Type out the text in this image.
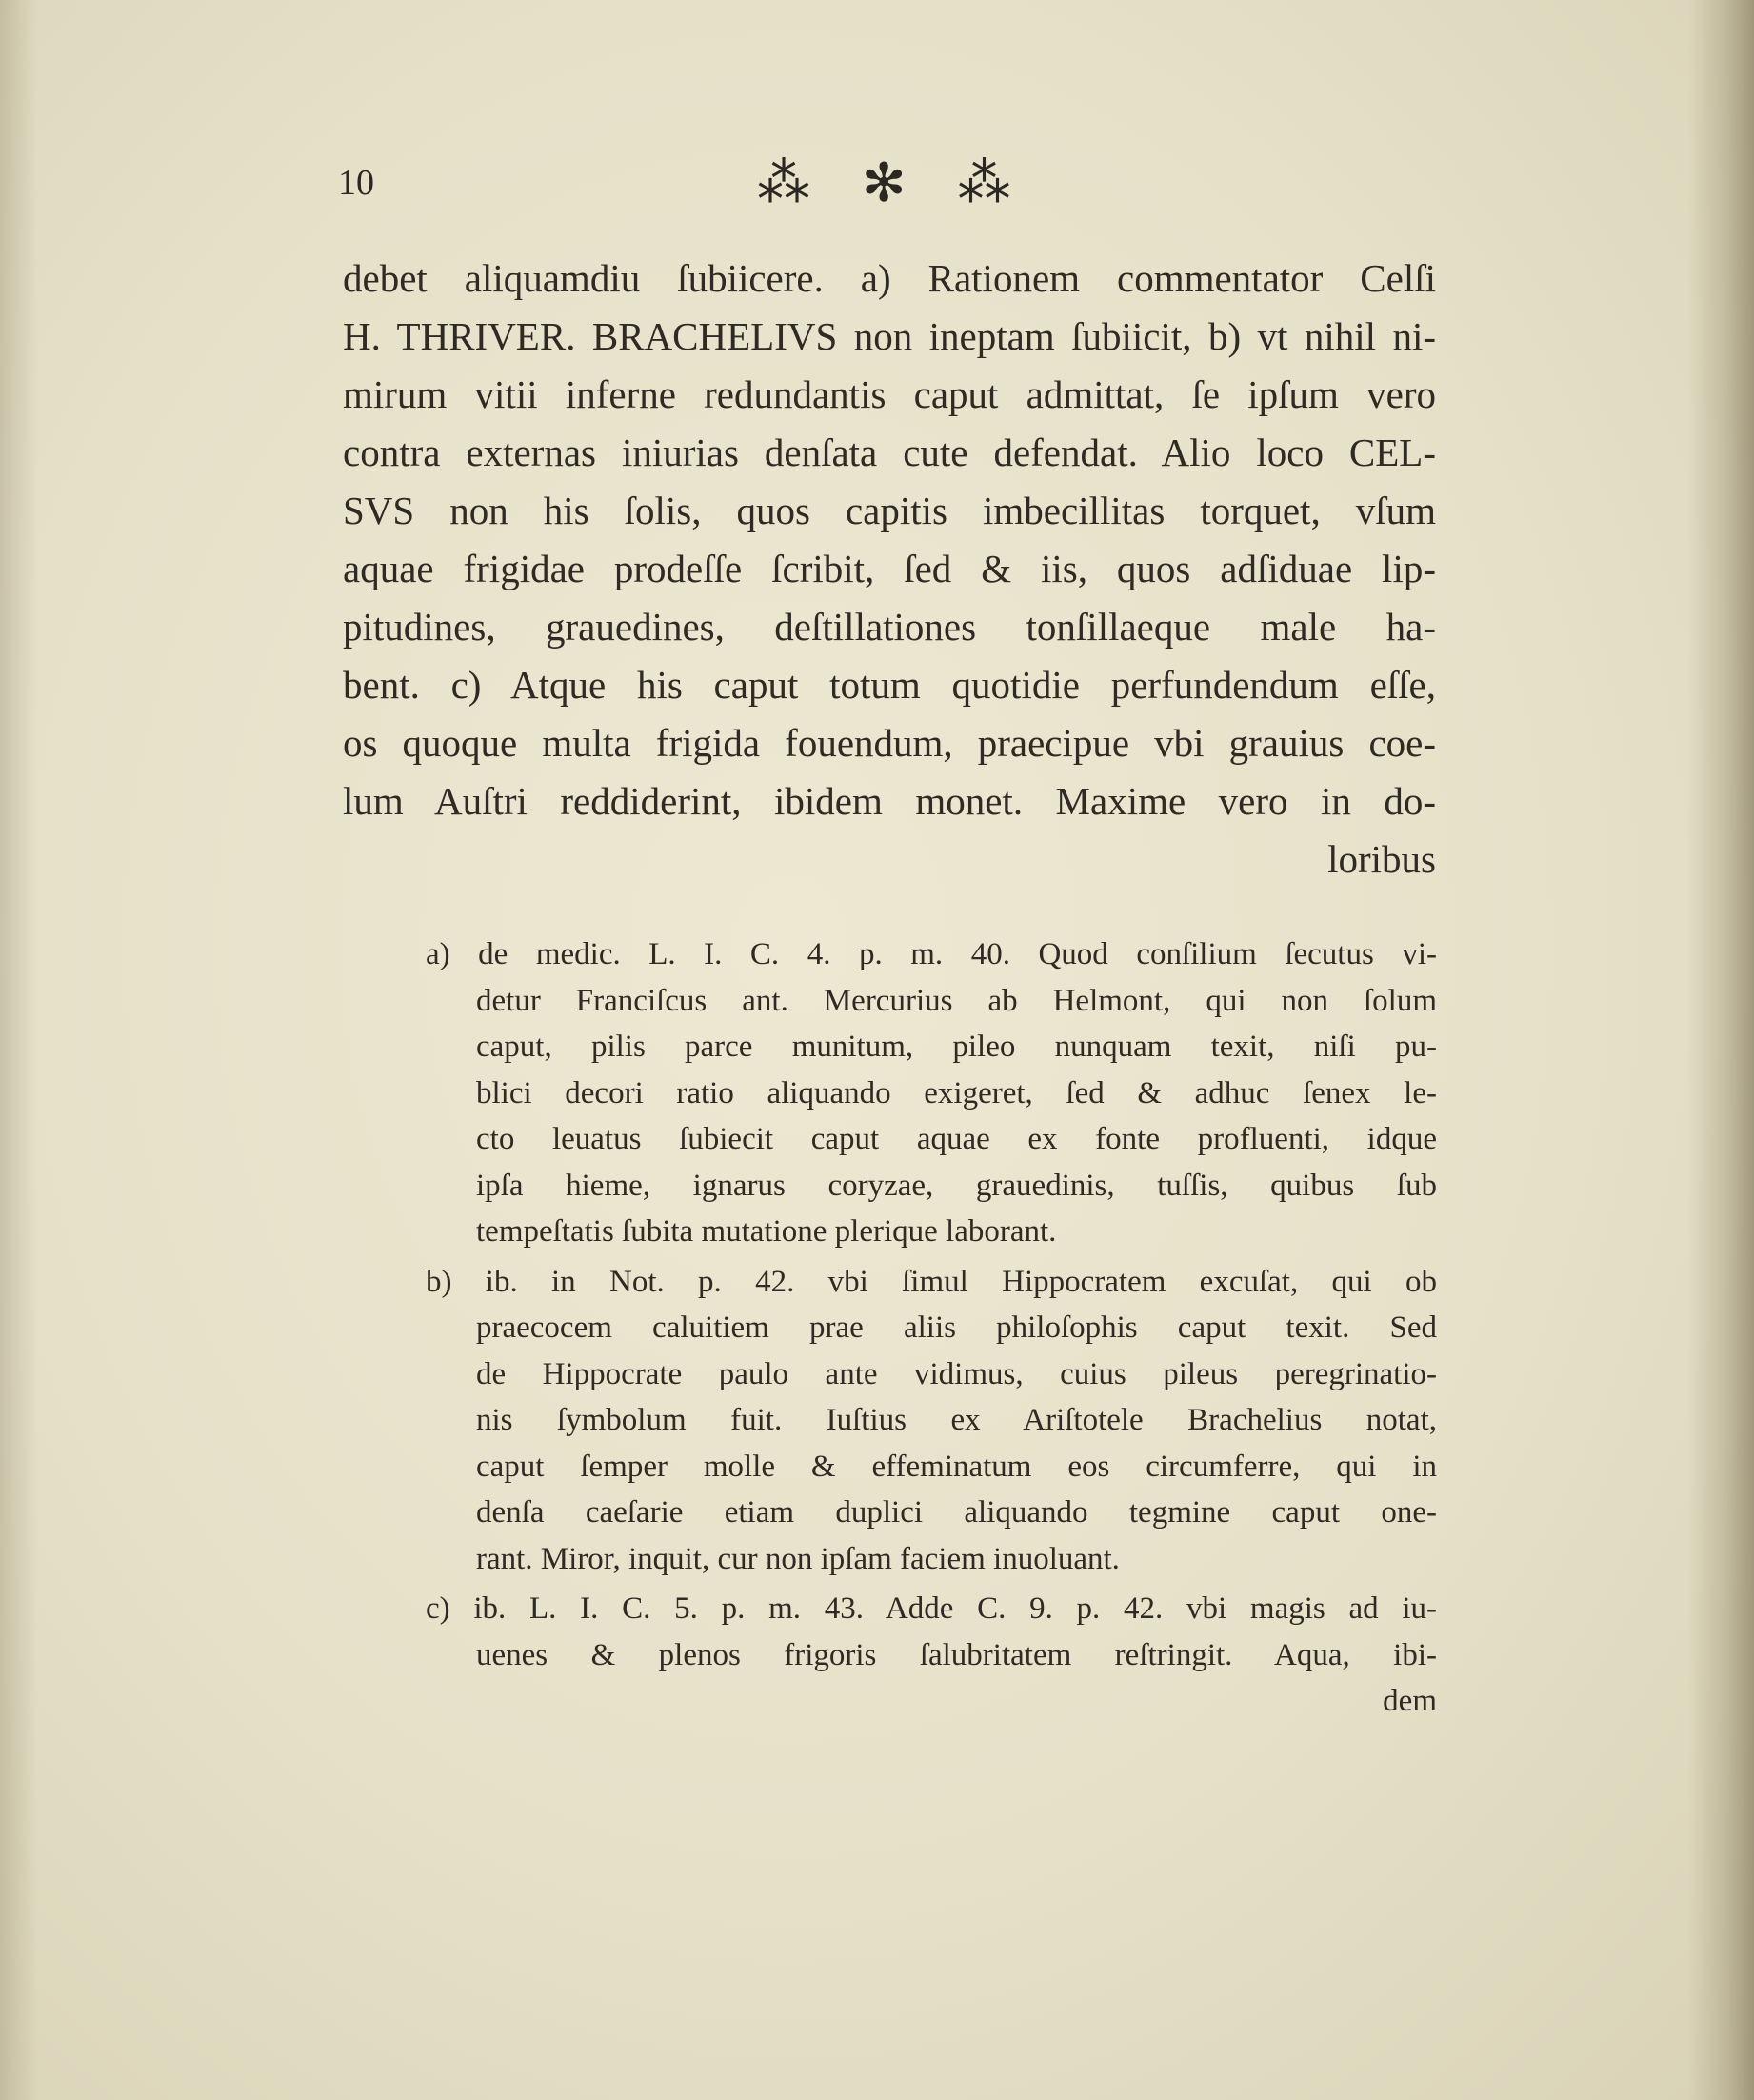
10	⁂ ✻ ⁂
debet aliquamdiu ſubiicere. a) Rationem commentator Celſi
H. THRIVER. BRACHELIVS non ineptam ſubiicit, b) vt nihil ni-
mirum vitii inferne redundantis caput admittat, ſe ipſum vero
contra externas iniurias denſata cute defendat. Alio loco CEL-
SVS non his ſolis, quos capitis imbecillitas torquet, vſum
aquae frigidae prodeſſe ſcribit, ſed & iis, quos adſiduae lip-
pitudines, grauedines, deſtillationes tonſillaeque male ha-
bent. c) Atque his caput totum quotidie perfundendum eſſe,
os quoque multa frigida fouendum, praecipue vbi grauius coe-
lum Auſtri reddiderint, ibidem monet. Maxime vero in do-
loribus
a) de medic. L. I. C. 4. p. m. 40. Quod conſilium ſecutus vi-
detur Franciſcus ant. Mercurius ab Helmont, qui non ſolum
caput, pilis parce munitum, pileo nunquam texit, niſi pu-
blici decori ratio aliquando exigeret, ſed & adhuc ſenex le-
cto leuatus ſubiecit caput aquae ex fonte profluenti, idque
ipſa hieme, ignarus coryzae, grauedinis, tuſſis, quibus ſub
tempeſtatis ſubita mutatione plerique laborant.
b) ib. in Not. p. 42. vbi ſimul Hippocratem excuſat, qui ob
praecocem caluitiem prae aliis philoſophis caput texit. Sed
de Hippocrate paulo ante vidimus, cuius pileus peregrinatio-
nis ſymbolum fuit. Iuſtius ex Ariſtotele Brachelius notat,
caput ſemper molle & effeminatum eos circumferre, qui in
denſa caeſarie etiam duplici aliquando tegmine caput one-
rant. Miror, inquit, cur non ipſam faciem inuoluant.
c) ib. L. I. C. 5. p. m. 43. Adde C. 9. p. 42. vbi magis ad iu-
uenes & plenos frigoris ſalubritatem reſtringit. Aqua, ibi-
dem
